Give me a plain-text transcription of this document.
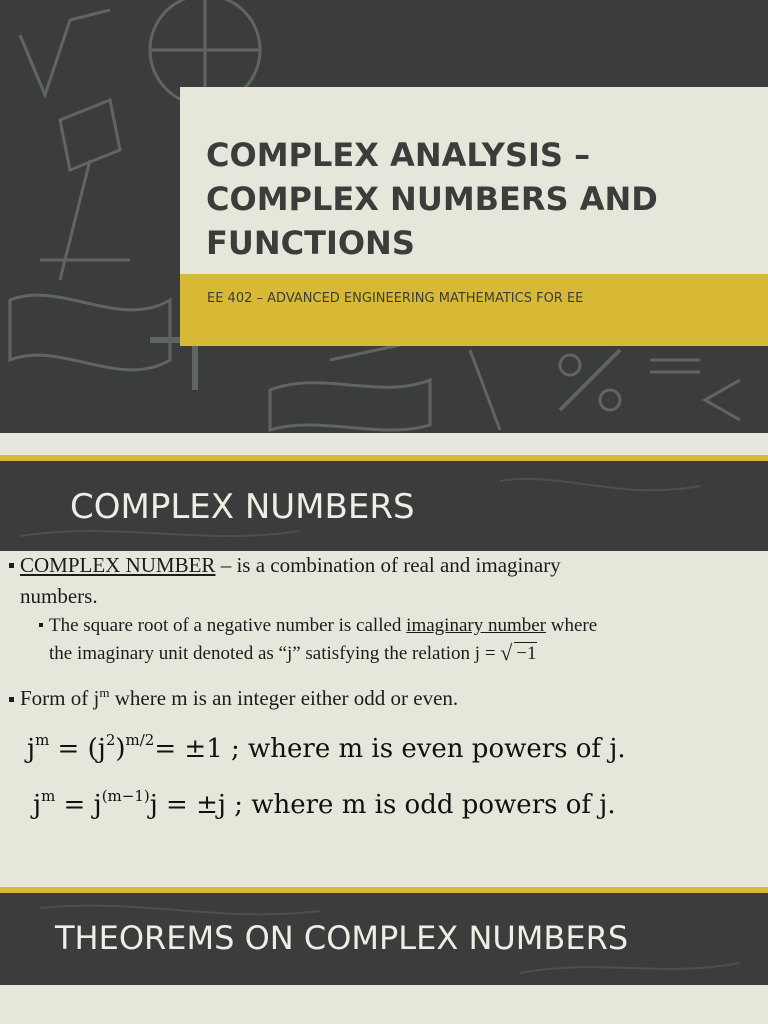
COMPLEX ANALYSIS –
COMPLEX NUMBERS AND
FUNCTIONS

EE 402 – ADVANCED ENGINEERING MATHEMATICS FOR EE

COMPLEX NUMBERS

COMPLEX NUMBER – is a combination of real and imaginary

numbers.

The square root of a negative number is called imaginary number where

the imaginary unit denoted as “j” satisfying the relation j = √ −1

Form of $j^m$ where m is an integer either odd or even.

$j^m = (j^2)^{m/2}= \pm 1$ ; where m is even powers of j.

$j^m = j^{(m-1)}j = \pm j$ ; where m is odd powers of j.

THEOREMS ON COMPLEX NUMBERS
